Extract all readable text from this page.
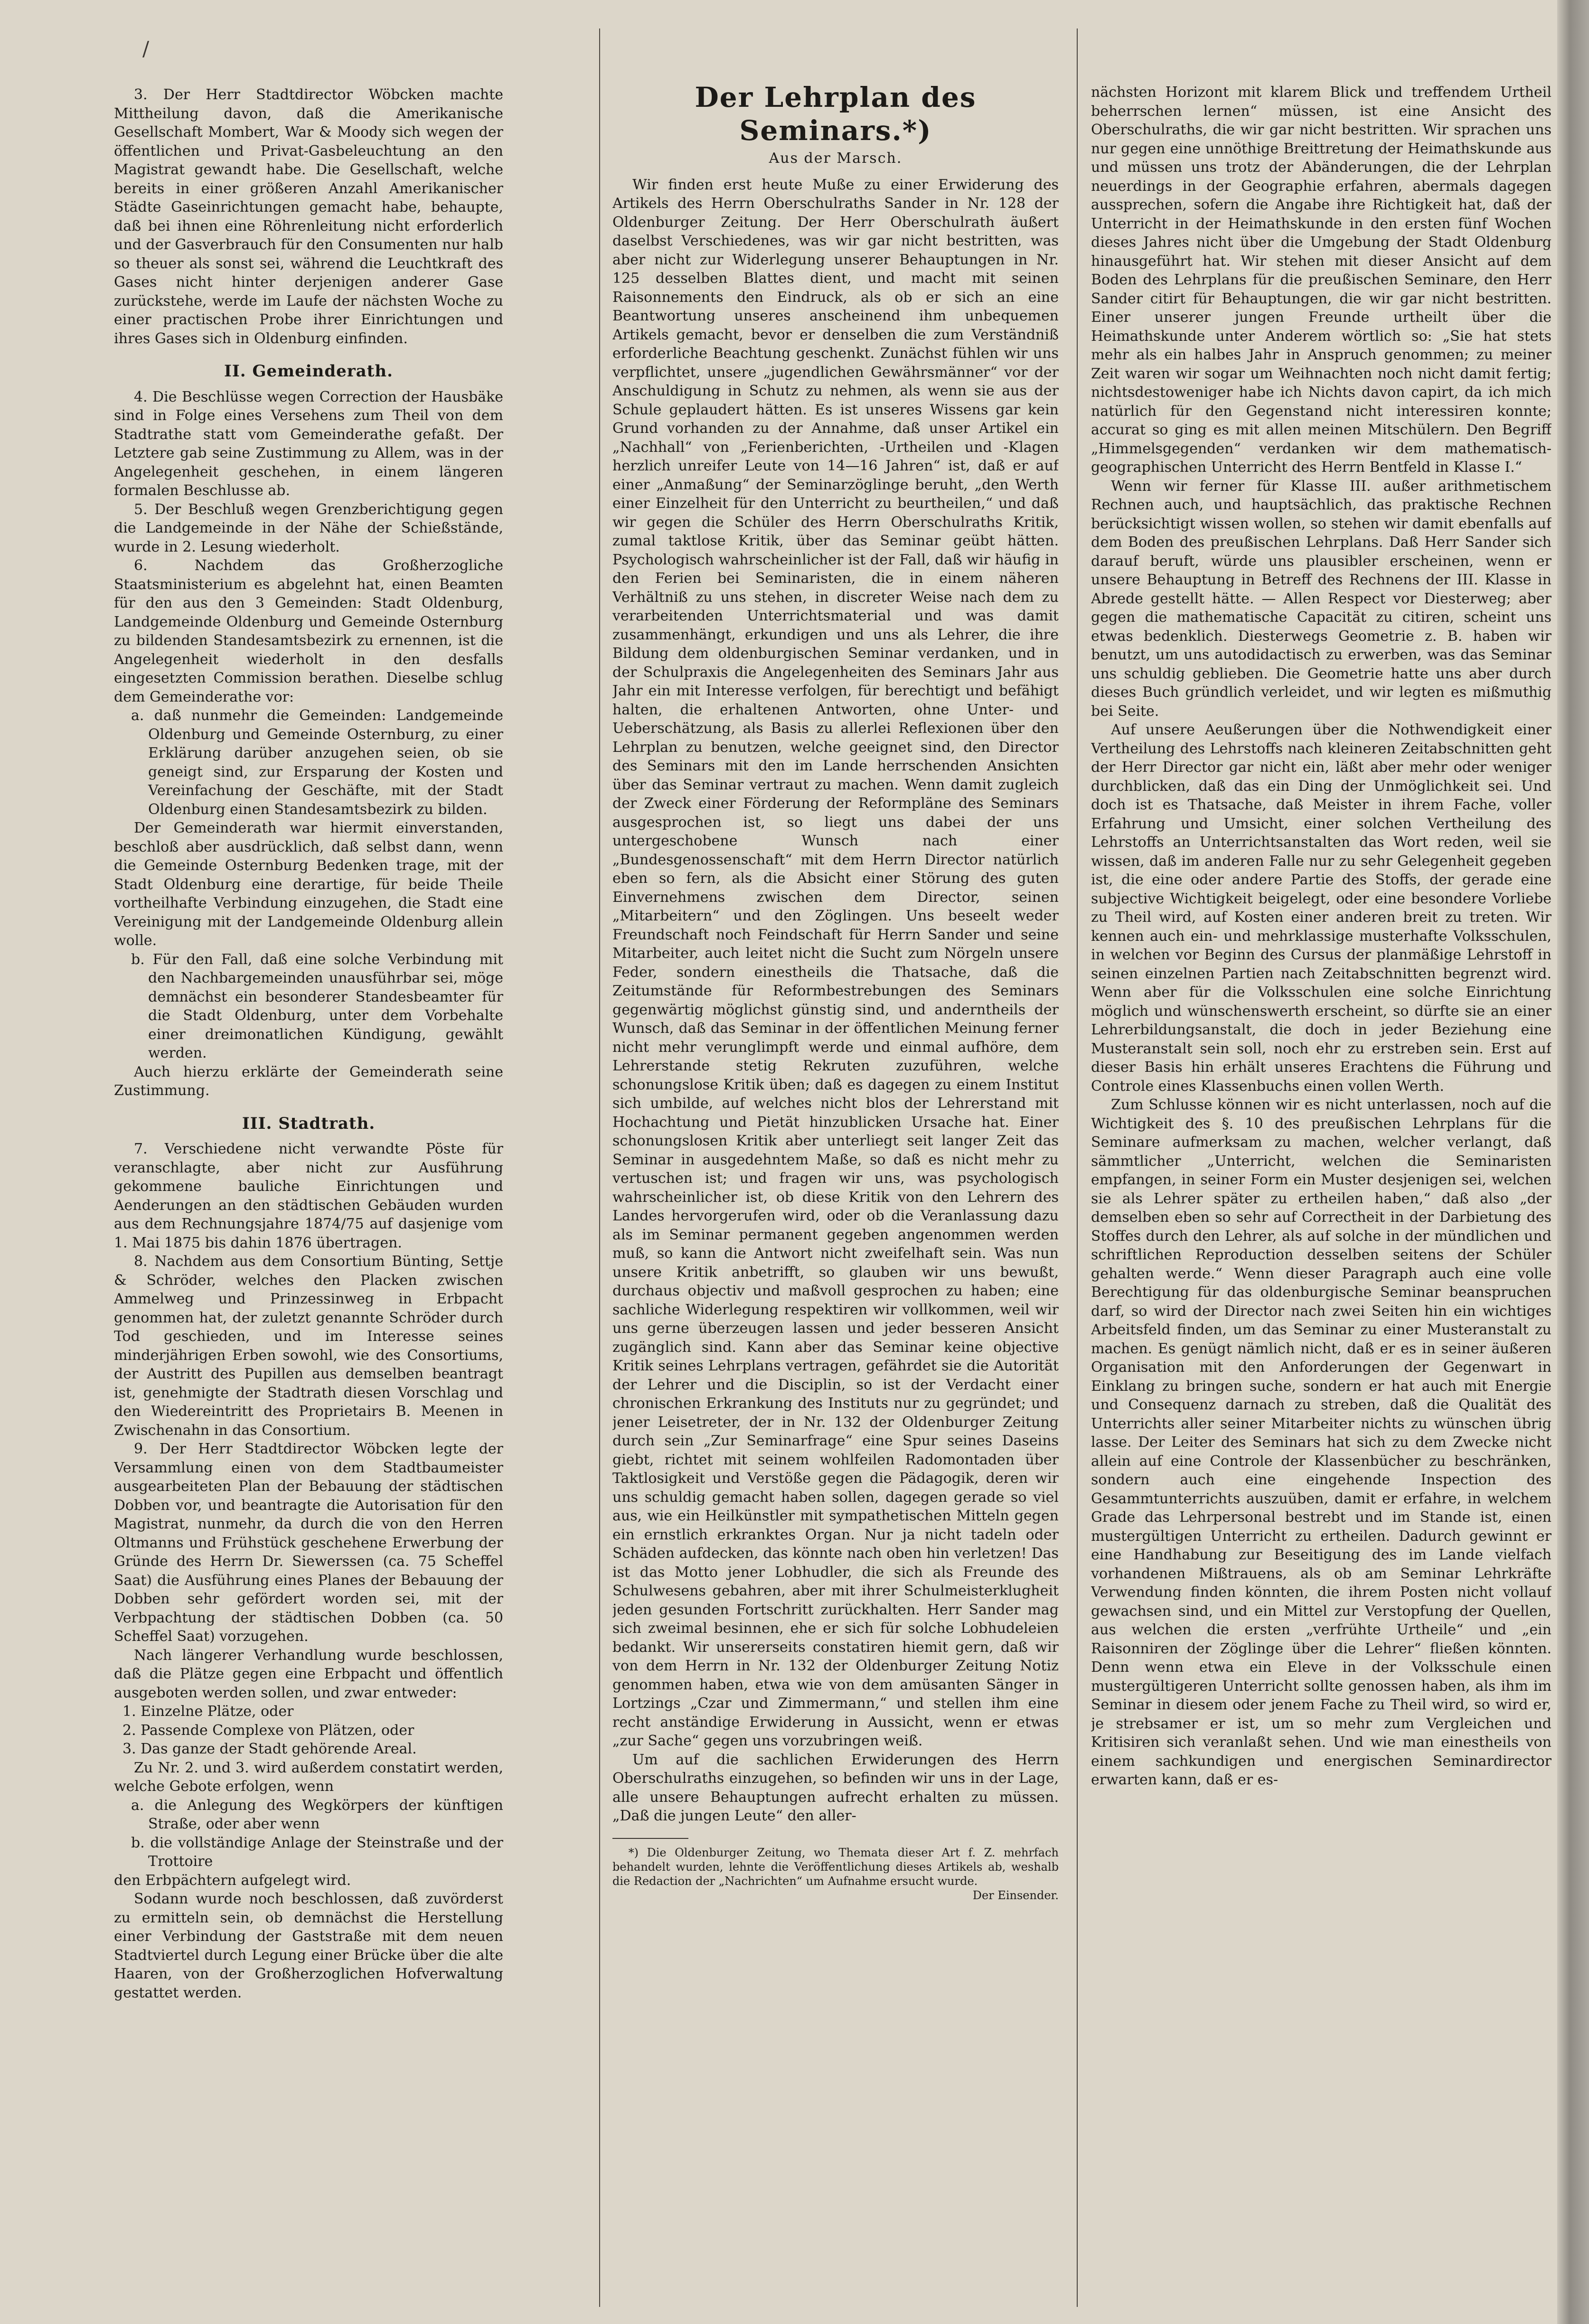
/

3. Der Herr Stadtdirector Wöbcken machte Mittheilung davon, daß die Amerikanische Gesellschaft Mombert, War & Moody sich wegen der öffentlichen und Privat-Gasbeleuchtung an den Magistrat gewandt habe. Die Gesellschaft, welche bereits in einer größeren Anzahl Amerikanischer Städte Gaseinrichtungen gemacht habe, behaupte, daß bei ihnen eine Röhrenleitung nicht erforderlich und der Gasverbrauch für den Consumenten nur halb so theuer als sonst sei, während die Leuchtkraft des Gases nicht hinter derjenigen anderer Gase zurückstehe, werde im Laufe der nächsten Woche zu einer practischen Probe ihrer Einrichtungen und ihres Gases sich in Oldenburg einfinden.

II. Gemeinderath.

4. Die Beschlüsse wegen Correction der Hausbäke sind in Folge eines Versehens zum Theil von dem Stadtrathe statt vom Gemeinderathe gefaßt. Der Letztere gab seine Zustimmung zu Allem, was in der Angelegenheit geschehen, in einem längeren formalen Beschlusse ab.

5. Der Beschluß wegen Grenzberichtigung gegen die Landgemeinde in der Nähe der Schießstände, wurde in 2. Lesung wiederholt.

6. Nachdem das Großherzogliche Staatsministerium es abgelehnt hat, einen Beamten für den aus den 3 Gemeinden: Stadt Oldenburg, Landgemeinde Oldenburg und Gemeinde Osternburg zu bildenden Standesamtsbezirk zu ernennen, ist die Angelegenheit wiederholt in den desfalls eingesetzten Commission berathen. Dieselbe schlug dem Gemeinderathe vor:

a. daß nunmehr die Gemeinden: Landgemeinde Oldenburg und Gemeinde Osternburg, zu einer Erklärung darüber anzugehen seien, ob sie geneigt sind, zur Ersparung der Kosten und Vereinfachung der Geschäfte, mit der Stadt Oldenburg einen Standesamtsbezirk zu bilden.

Der Gemeinderath war hiermit einverstanden, beschloß aber ausdrücklich, daß selbst dann, wenn die Gemeinde Osternburg Bedenken trage, mit der Stadt Oldenburg eine derartige, für beide Theile vortheilhafte Verbindung einzugehen, die Stadt eine Vereinigung mit der Landgemeinde Oldenburg allein wolle.

b. Für den Fall, daß eine solche Verbindung mit den Nachbargemeinden unausführbar sei, möge demnächst ein besonderer Standesbeamter für die Stadt Oldenburg, unter dem Vorbehalte einer dreimonatlichen Kündigung, gewählt werden.

Auch hierzu erklärte der Gemeinderath seine Zustimmung.

III. Stadtrath.

7. Verschiedene nicht verwandte Pöste für veranschlagte, aber nicht zur Ausführung gekommene bauliche Einrichtungen und Aenderungen an den städtischen Gebäuden wurden aus dem Rechnungsjahre 1874/75 auf dasjenige vom 1. Mai 1875 bis dahin 1876 übertragen.

8. Nachdem aus dem Consortium Bünting, Settje & Schröder, welches den Placken zwischen Ammelweg und Prinzessinweg in Erbpacht genommen hat, der zuletzt genannte Schröder durch Tod geschieden, und im Interesse seines minderjährigen Erben sowohl, wie des Consortiums, der Austritt des Pupillen aus demselben beantragt ist, genehmigte der Stadtrath diesen Vorschlag und den Wiedereintritt des Proprietairs B. Meenen in Zwischenahn in das Consortium.

9. Der Herr Stadtdirector Wöbcken legte der Versammlung einen von dem Stadtbaumeister ausgearbeiteten Plan der Bebauung der städtischen Dobben vor, und beantragte die Autorisation für den Magistrat, nunmehr, da durch die von den Herren Oltmanns und Frühstück geschehene Erwerbung der Gründe des Herrn Dr. Siewerssen (ca. 75 Scheffel Saat) die Ausführung eines Planes der Bebauung der Dobben sehr gefördert worden sei, mit der Verbpachtung der städtischen Dobben (ca. 50 Scheffel Saat) vorzugehen.

Nach längerer Verhandlung wurde beschlossen, daß die Plätze gegen eine Erbpacht und öffentlich ausgeboten werden sollen, und zwar entweder:

1. Einzelne Plätze, oder

2. Passende Complexe von Plätzen, oder

3. Das ganze der Stadt gehörende Areal.

Zu Nr. 2. und 3. wird außerdem constatirt werden, welche Gebote erfolgen, wenn

a. die Anlegung des Wegkörpers der künftigen Straße, oder aber wenn

b. die vollständige Anlage der Steinstraße und der Trottoire

den Erbpächtern aufgelegt wird.

Sodann wurde noch beschlossen, daß zuvörderst zu ermitteln sein, ob demnächst die Herstellung einer Verbindung der Gaststraße mit dem neuen Stadtviertel durch Legung einer Brücke über die alte Haaren, von der Großherzoglichen Hofverwaltung gestattet werden.

Der Lehrplan des Seminars.*)
Aus der Marsch.

Wir finden erst heute Muße zu einer Erwiderung des Artikels des Herrn Oberschulraths Sander in Nr. 128 der Oldenburger Zeitung. Der Herr Oberschulrath äußert daselbst Verschiedenes, was wir gar nicht bestritten, was aber nicht zur Widerlegung unserer Behauptungen in Nr. 125 desselben Blattes dient, und macht mit seinen Raisonnements den Eindruck, als ob er sich an eine Beantwortung unseres anscheinend ihm unbequemen Artikels gemacht, bevor er denselben die zum Verständniß erforderliche Beachtung geschenkt. Zunächst fühlen wir uns verpflichtet, unsere „jugendlichen Gewährsmänner“ vor der Anschuldigung in Schutz zu nehmen, als wenn sie aus der Schule geplaudert hätten. Es ist unseres Wissens gar kein Grund vorhanden zu der Annahme, daß unser Artikel ein „Nachhall“ von „Ferienberichten, -Urtheilen und -Klagen herzlich unreifer Leute von 14—16 Jahren“ ist, daß er auf einer „Anmaßung“ der Seminarzöglinge beruht, „den Werth einer Einzelheit für den Unterricht zu beurtheilen,“ und daß wir gegen die Schüler des Herrn Oberschulraths Kritik, zumal taktlose Kritik, über das Seminar geübt hätten. Psychologisch wahrscheinlicher ist der Fall, daß wir häufig in den Ferien bei Seminaristen, die in einem näheren Verhältniß zu uns stehen, in discreter Weise nach dem zu verarbeitenden Unterrichtsmaterial und was damit zusammenhängt, erkundigen und uns als Lehrer, die ihre Bildung dem oldenburgischen Seminar verdanken, und in der Schulpraxis die Angelegenheiten des Seminars Jahr aus Jahr ein mit Interesse verfolgen, für berechtigt und befähigt halten, die erhaltenen Antworten, ohne Unter- und Ueberschätzung, als Basis zu allerlei Reflexionen über den Lehrplan zu benutzen, welche geeignet sind, den Director des Seminars mit den im Lande herrschenden Ansichten über das Seminar vertraut zu machen. Wenn damit zugleich der Zweck einer Förderung der Reformpläne des Seminars ausgesprochen ist, so liegt uns dabei der uns untergeschobene Wunsch nach einer „Bundesgenossenschaft“ mit dem Herrn Director natürlich eben so fern, als die Absicht einer Störung des guten Einvernehmens zwischen dem Director, seinen „Mitarbeitern“ und den Zöglingen. Uns beseelt weder Freundschaft noch Feindschaft für Herrn Sander und seine Mitarbeiter, auch leitet nicht die Sucht zum Nörgeln unsere Feder, sondern einestheils die Thatsache, daß die Zeitumstände für Reformbestrebungen des Seminars gegenwärtig möglichst günstig sind, und anderntheils der Wunsch, daß das Seminar in der öffentlichen Meinung ferner nicht mehr verunglimpft werde und einmal aufhöre, dem Lehrerstande stetig Rekruten zuzuführen, welche schonungslose Kritik üben; daß es dagegen zu einem Institut sich umbilde, auf welches nicht blos der Lehrerstand mit Hochachtung und Pietät hinzublicken Ursache hat. Einer schonungslosen Kritik aber unterliegt seit langer Zeit das Seminar in ausgedehntem Maße, so daß es nicht mehr zu vertuschen ist; und fragen wir uns, was psychologisch wahrscheinlicher ist, ob diese Kritik von den Lehrern des Landes hervorgerufen wird, oder ob die Veranlassung dazu als im Seminar permanent gegeben angenommen werden muß, so kann die Antwort nicht zweifelhaft sein. Was nun unsere Kritik anbetrifft, so glauben wir uns bewußt, durchaus objectiv und maßvoll gesprochen zu haben; eine sachliche Widerlegung respektiren wir vollkommen, weil wir uns gerne überzeugen lassen und jeder besseren Ansicht zugänglich sind. Kann aber das Seminar keine objective Kritik seines Lehrplans vertragen, gefährdet sie die Autorität der Lehrer und die Disciplin, so ist der Verdacht einer chronischen Erkrankung des Instituts nur zu gegründet; und jener Leisetreter, der in Nr. 132 der Oldenburger Zeitung durch sein „Zur Seminarfrage“ eine Spur seines Daseins giebt, richtet mit seinem wohlfeilen Radomontaden über Taktlosigkeit und Verstöße gegen die Pädagogik, deren wir uns schuldig gemacht haben sollen, dagegen gerade so viel aus, wie ein Heilkünstler mit sympathetischen Mitteln gegen ein ernstlich erkranktes Organ. Nur ja nicht tadeln oder Schäden aufdecken, das könnte nach oben hin verletzen! Das ist das Motto jener Lobhudler, die sich als Freunde des Schulwesens gebahren, aber mit ihrer Schulmeisterklugheit jeden gesunden Fortschritt zurückhalten. Herr Sander mag sich zweimal besinnen, ehe er sich für solche Lobhudeleien bedankt. Wir unsererseits constatiren hiemit gern, daß wir von dem Herrn in Nr. 132 der Oldenburger Zeitung Notiz genommen haben, etwa wie von dem amüsanten Sänger in Lortzings „Czar und Zimmermann,“ und stellen ihm eine recht anständige Erwiderung in Aussicht, wenn er etwas „zur Sache“ gegen uns vorzubringen weiß.

Um auf die sachlichen Erwiderungen des Herrn Oberschulraths einzugehen, so befinden wir uns in der Lage, alle unsere Behauptungen aufrecht erhalten zu müssen. „Daß die jungen Leute“ den aller-

*) Die Oldenburger Zeitung, wo Themata dieser Art f. Z. mehrfach behandelt wurden, lehnte die Veröffentlichung dieses Artikels ab, weshalb die Redaction der „Nachrichten“ um Aufnahme ersucht wurde.

Der Einsender.

nächsten Horizont mit klarem Blick und treffendem Urtheil beherrschen lernen“ müssen, ist eine Ansicht des Oberschulraths, die wir gar nicht bestritten. Wir sprachen uns nur gegen eine unnöthige Breittretung der Heimathskunde aus und müssen uns trotz der Abänderungen, die der Lehrplan neuerdings in der Geographie erfahren, abermals dagegen aussprechen, sofern die Angabe ihre Richtigkeit hat, daß der Unterricht in der Heimathskunde in den ersten fünf Wochen dieses Jahres nicht über die Umgebung der Stadt Oldenburg hinausgeführt hat. Wir stehen mit dieser Ansicht auf dem Boden des Lehrplans für die preußischen Seminare, den Herr Sander citirt für Behauptungen, die wir gar nicht bestritten. Einer unserer jungen Freunde urtheilt über die Heimathskunde unter Anderem wörtlich so: „Sie hat stets mehr als ein halbes Jahr in Anspruch genommen; zu meiner Zeit waren wir sogar um Weihnachten noch nicht damit fertig; nichtsdestoweniger habe ich Nichts davon capirt, da ich mich natürlich für den Gegenstand nicht interessiren konnte; accurat so ging es mit allen meinen Mitschülern. Den Begriff „Himmelsgegenden“ verdanken wir dem mathematisch-geographischen Unterricht des Herrn Bentfeld in Klasse I.“

Wenn wir ferner für Klasse III. außer arithmetischem Rechnen auch, und hauptsächlich, das praktische Rechnen berücksichtigt wissen wollen, so stehen wir damit ebenfalls auf dem Boden des preußischen Lehrplans. Daß Herr Sander sich darauf beruft, würde uns plausibler erscheinen, wenn er unsere Behauptung in Betreff des Rechnens der III. Klasse in Abrede gestellt hätte. — Allen Respect vor Diesterweg; aber gegen die mathematische Capacität zu citiren, scheint uns etwas bedenklich. Diesterwegs Geometrie z. B. haben wir benutzt, um uns autodidactisch zu erwerben, was das Seminar uns schuldig geblieben. Die Geometrie hatte uns aber durch dieses Buch gründlich verleidet, und wir legten es mißmuthig bei Seite.

Auf unsere Aeußerungen über die Nothwendigkeit einer Vertheilung des Lehrstoffs nach kleineren Zeitabschnitten geht der Herr Director gar nicht ein, läßt aber mehr oder weniger durchblicken, daß das ein Ding der Unmöglichkeit sei. Und doch ist es Thatsache, daß Meister in ihrem Fache, voller Erfahrung und Umsicht, einer solchen Vertheilung des Lehrstoffs an Unterrichtsanstalten das Wort reden, weil sie wissen, daß im anderen Falle nur zu sehr Gelegenheit gegeben ist, die eine oder andere Partie des Stoffs, der gerade eine subjective Wichtigkeit beigelegt, oder eine besondere Vorliebe zu Theil wird, auf Kosten einer anderen breit zu treten. Wir kennen auch ein- und mehrklassige musterhafte Volksschulen, in welchen vor Beginn des Cursus der planmäßige Lehrstoff in seinen einzelnen Partien nach Zeitabschnitten begrenzt wird. Wenn aber für die Volksschulen eine solche Einrichtung möglich und wünschenswerth erscheint, so dürfte sie an einer Lehrerbildungsanstalt, die doch in jeder Beziehung eine Musteranstalt sein soll, noch ehr zu erstreben sein. Erst auf dieser Basis hin erhält unseres Erachtens die Führung und Controle eines Klassenbuchs einen vollen Werth.

Zum Schlusse können wir es nicht unterlassen, noch auf die Wichtigkeit des §. 10 des preußischen Lehrplans für die Seminare aufmerksam zu machen, welcher verlangt, daß sämmtlicher „Unterricht, welchen die Seminaristen empfangen, in seiner Form ein Muster desjenigen sei, welchen sie als Lehrer später zu ertheilen haben,“ daß also „der demselben eben so sehr auf Correctheit in der Darbietung des Stoffes durch den Lehrer, als auf solche in der mündlichen und schriftlichen Reproduction desselben seitens der Schüler gehalten werde.“ Wenn dieser Paragraph auch eine volle Berechtigung für das oldenburgische Seminar beanspruchen darf, so wird der Director nach zwei Seiten hin ein wichtiges Arbeitsfeld finden, um das Seminar zu einer Musteranstalt zu machen. Es genügt nämlich nicht, daß er es in seiner äußeren Organisation mit den Anforderungen der Gegenwart in Einklang zu bringen suche, sondern er hat auch mit Energie und Consequenz darnach zu streben, daß die Qualität des Unterrichts aller seiner Mitarbeiter nichts zu wünschen übrig lasse. Der Leiter des Seminars hat sich zu dem Zwecke nicht allein auf eine Controle der Klassenbücher zu beschränken, sondern auch eine eingehende Inspection des Gesammtunterrichts auszuüben, damit er erfahre, in welchem Grade das Lehrpersonal bestrebt und im Stande ist, einen mustergültigen Unterricht zu ertheilen. Dadurch gewinnt er eine Handhabung zur Beseitigung des im Lande vielfach vorhandenen Mißtrauens, als ob am Seminar Lehrkräfte Verwendung finden könnten, die ihrem Posten nicht vollauf gewachsen sind, und ein Mittel zur Verstopfung der Quellen, aus welchen die ersten „verfrühte Urtheile“ und „ein Raisonniren der Zöglinge über die Lehrer“ fließen könnten. Denn wenn etwa ein Eleve in der Volksschule einen mustergültigeren Unterricht sollte genossen haben, als ihm im Seminar in diesem oder jenem Fache zu Theil wird, so wird er, je strebsamer er ist, um so mehr zum Vergleichen und Kritisiren sich veranlaßt sehen. Und wie man einestheils von einem sachkundigen und energischen Seminardirector erwarten kann, daß er es-
